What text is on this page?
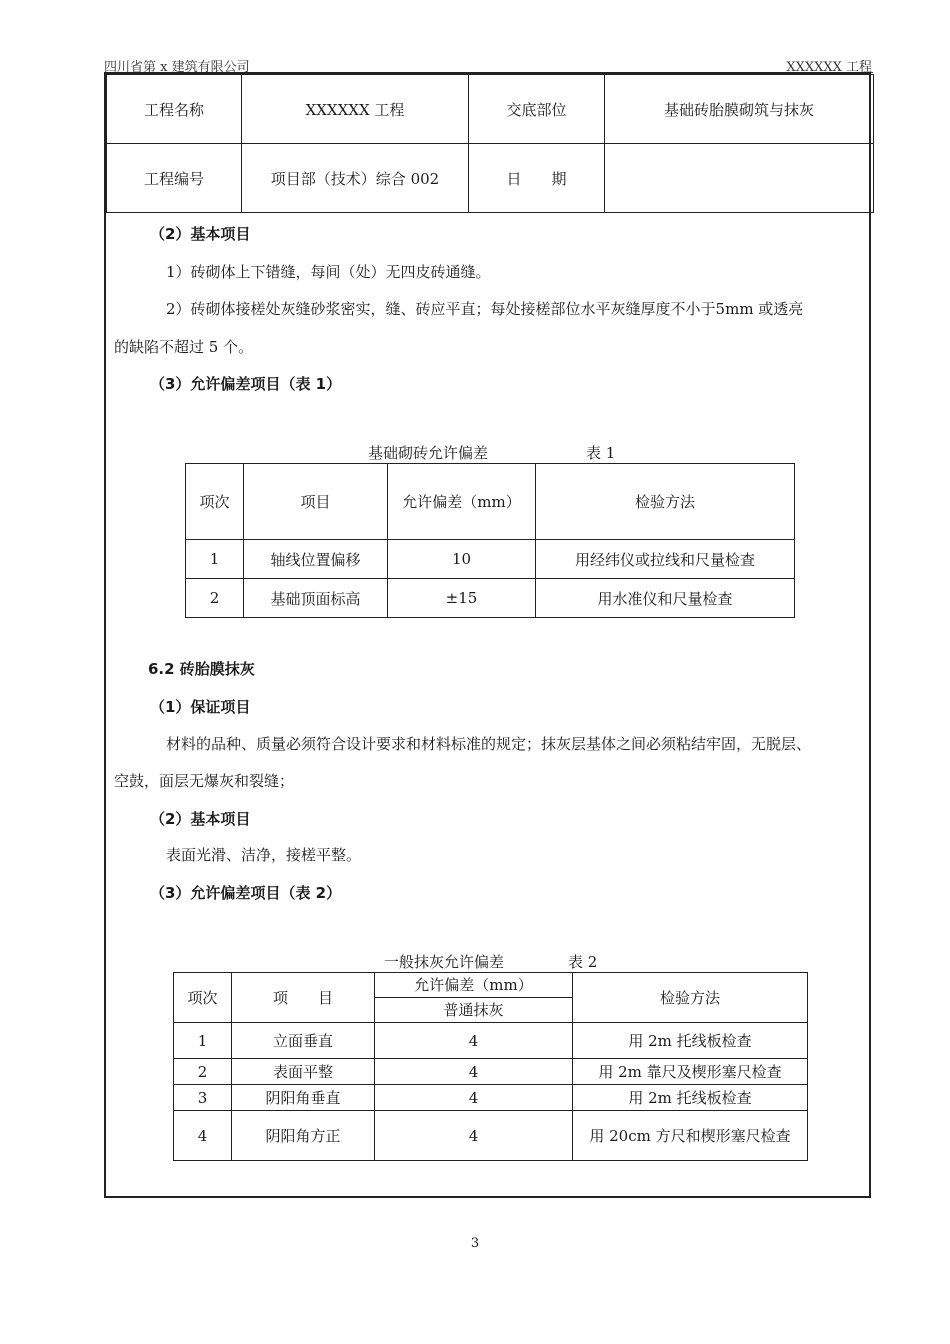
四川省第 x 建筑有限公司	XXXXXX 工程
工程名称	XXXXXX 工程	交底部位	基础砖胎膜砌筑与抹灰
工程编号	项目部（技术）综合 002	日　　期	
（2）基本项目
1）砖砌体上下错缝，每间（处）无四皮砖通缝。
2）砖砌体接槎处灰缝砂浆密实，缝、砖应平直；每处接槎部位水平灰缝厚度不小于5mm 或透亮
的缺陷不超过 5 个。
（3）允许偏差项目（表 1）
基础砌砖允许偏差	表 1
项次	项目	允许偏差（mm）	检验方法
1	轴线位置偏移	10	用经纬仪或拉线和尺量检查
2	基础顶面标高	±15	用水准仪和尺量检查
6.2 砖胎膜抹灰
（1）保证项目
材料的品种、质量必须符合设计要求和材料标准的规定；抹灰层基体之间必须粘结牢固，无脱层、
空鼓，面层无爆灰和裂缝；
（2）基本项目
表面光滑、洁净，接槎平整。
（3）允许偏差项目（表 2）
一般抹灰允许偏差	表 2
项次	项　　目	允许偏差（mm）	检验方法
		普通抹灰	
1	立面垂直	4	用 2m 托线板检查
2	表面平整	4	用 2m 靠尺及楔形塞尺检查
3	阴阳角垂直	4	用 2m 托线板检查
4	阴阳角方正	4	用 20cm 方尺和楔形塞尺检查
3
